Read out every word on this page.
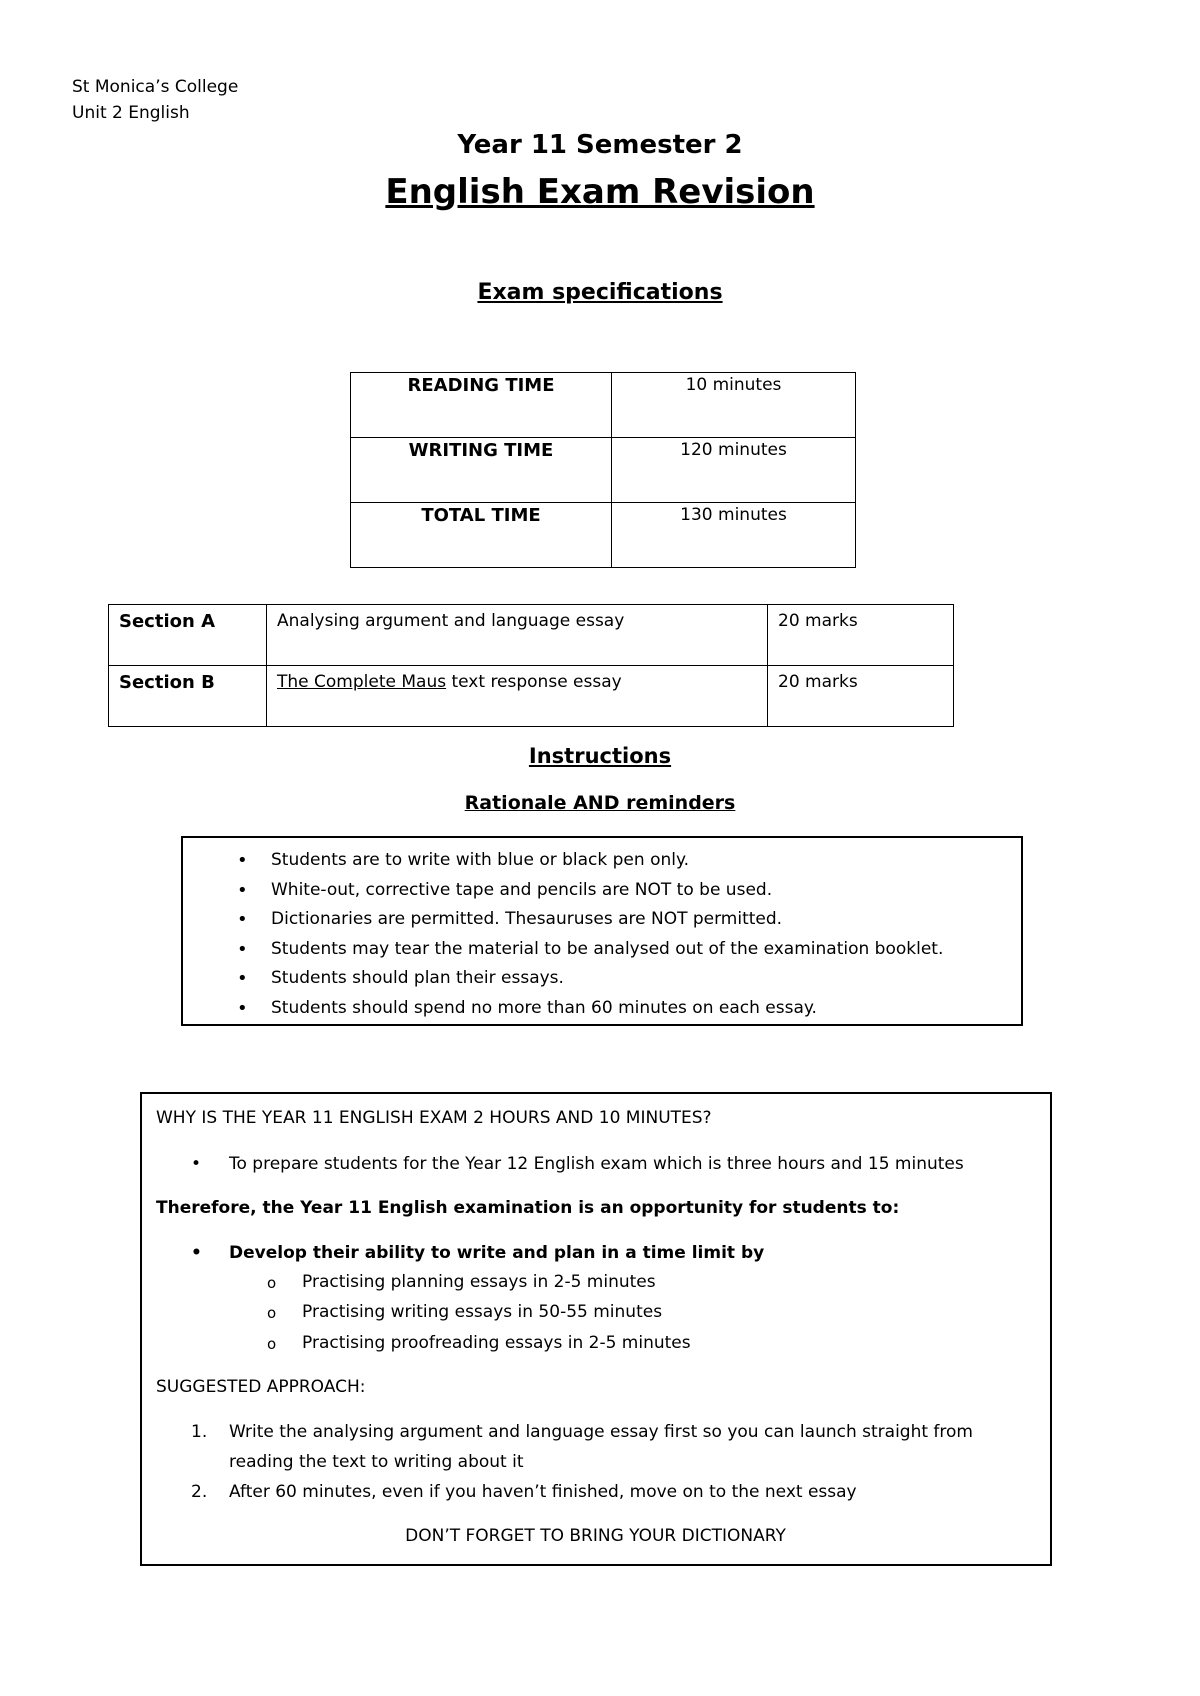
St Monica’s College
Unit 2 English
Year 11 Semester 2
English Exam Revision
Exam specifications
READING TIME	10 minutes
WRITING TIME	120 minutes
TOTAL TIME	130 minutes
Section A	Analysing argument and language essay	20 marks
Section B	The Complete Maus text response essay	20 marks
Instructions
Rationale AND reminders
• Students are to write with blue or black pen only.
• White-out, corrective tape and pencils are NOT to be used.
• Dictionaries are permitted. Thesauruses are NOT permitted.
• Students may tear the material to be analysed out of the examination booklet.
• Students should plan their essays.
• Students should spend no more than 60 minutes on each essay.
WHY IS THE YEAR 11 ENGLISH EXAM 2 HOURS AND 10 MINUTES?
• To prepare students for the Year 12 English exam which is three hours and 15 minutes
Therefore, the Year 11 English examination is an opportunity for students to:
• Develop their ability to write and plan in a time limit by
o Practising planning essays in 2-5 minutes
o Practising writing essays in 50-55 minutes
o Practising proofreading essays in 2-5 minutes
SUGGESTED APPROACH:
1. Write the analysing argument and language essay first so you can launch straight from
reading the text to writing about it
2. After 60 minutes, even if you haven’t finished, move on to the next essay
DON’T FORGET TO BRING YOUR DICTIONARY
